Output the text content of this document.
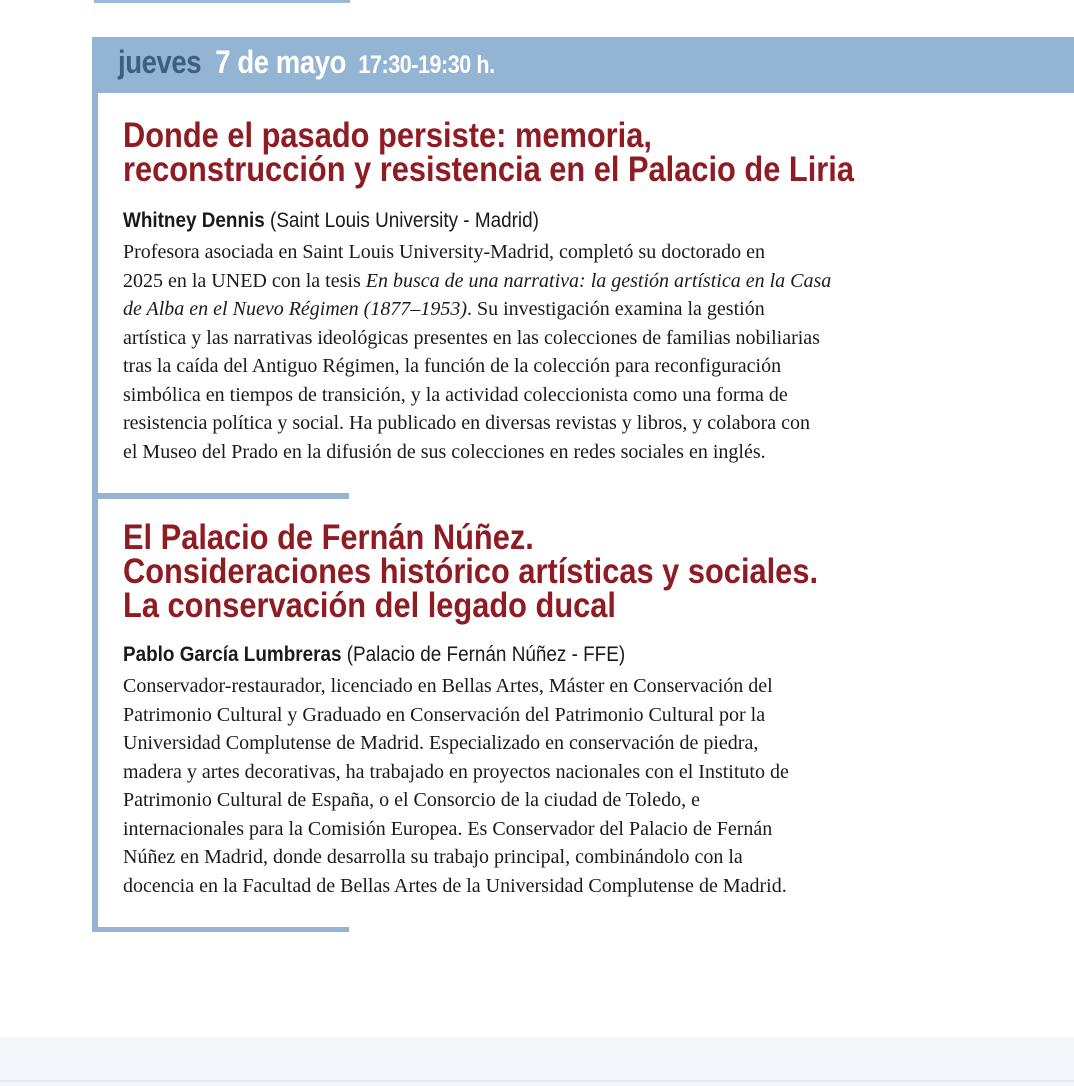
jueves 7 de mayo 17:30-19:30 h.
Donde el pasado persiste: memoria,
reconstrucción y resistencia en el Palacio de Liria

Whitney Dennis (Saint Louis University - Madrid)

Profesora asociada en Saint Louis University-Madrid, completó su doctorado en
2025 en la UNED con la tesis En busca de una narrativa: la gestión artística en la Casa
de Alba en el Nuevo Régimen (1877–1953). Su investigación examina la gestión
artística y las narrativas ideológicas presentes en las colecciones de familias nobiliarias
tras la caída del Antiguo Régimen, la función de la colección para reconfiguración
simbólica en tiempos de transición, y la actividad coleccionista como una forma de
resistencia política y social. Ha publicado en diversas revistas y libros, y colabora con
el Museo del Prado en la difusión de sus colecciones en redes sociales en inglés.
El Palacio de Fernán Núñez.
Consideraciones histórico artísticas y sociales.
La conservación del legado ducal

Pablo García Lumbreras (Palacio de Fernán Núñez - FFE)

Conservador-restaurador, licenciado en Bellas Artes, Máster en Conservación del
Patrimonio Cultural y Graduado en Conservación del Patrimonio Cultural por la
Universidad Complutense de Madrid. Especializado en conservación de piedra,
madera y artes decorativas, ha trabajado en proyectos nacionales con el Instituto de
Patrimonio Cultural de España, o el Consorcio de la ciudad de Toledo, e
internacionales para la Comisión Europea. Es Conservador del Palacio de Fernán
Núñez en Madrid, donde desarrolla su trabajo principal, combinándolo con la
docencia en la Facultad de Bellas Artes de la Universidad Complutense de Madrid.
